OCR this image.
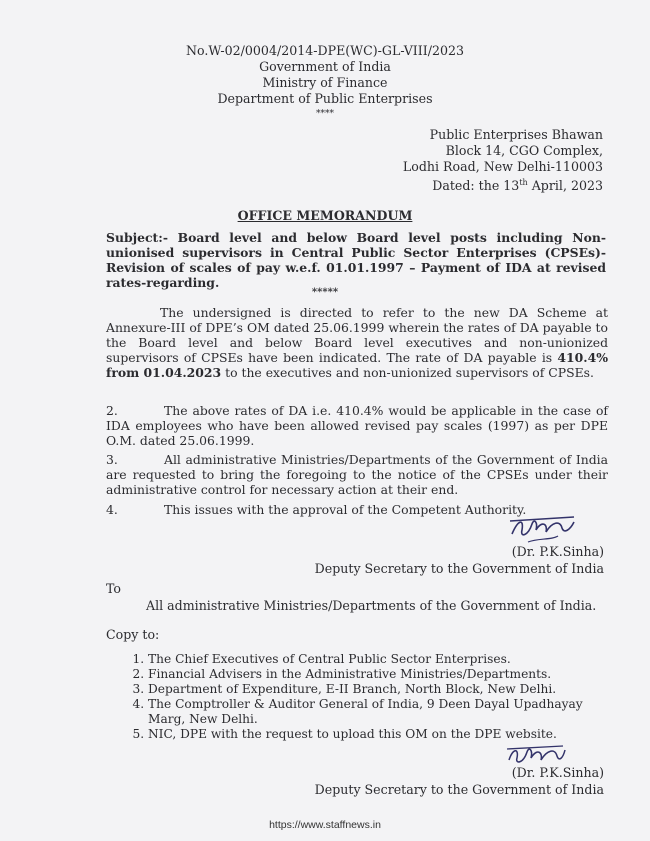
No.W-02/0004/2014-DPE(WC)-GL-VIII/2023
Government of India
Ministry of Finance
Department of Public Enterprises
****
Public Enterprises Bhawan
Block 14, CGO Complex,
Lodhi Road, New Delhi-110003
Dated: the 13th April, 2023
OFFICE MEMORANDUM
Subject:- Board level and below Board level posts including Non-unionised supervisors in Central Public Sector Enterprises (CPSEs)- Revision of scales of pay w.e.f. 01.01.1997 – Payment of IDA at revised rates-regarding.
*****
The undersigned is directed to refer to the new DA Scheme at Annexure-III of DPE’s OM dated 25.06.1999 wherein the rates of DA payable to the Board level and below Board level executives and non-unionized supervisors of CPSEs have been indicated. The rate of DA payable is 410.4% from 01.04.2023 to the executives and non-unionized supervisors of CPSEs.
2.	The above rates of DA i.e. 410.4% would be applicable in the case of IDA employees who have been allowed revised pay scales (1997) as per DPE O.M. dated 25.06.1999.
3.	All administrative Ministries/Departments of the Government of India are requested to bring the foregoing to the notice of the CPSEs under their administrative control for necessary action at their end.
4.	This issues with the approval of the Competent Authority.
(Dr. P.K.Sinha)
Deputy Secretary to the Government of India
To
All administrative Ministries/Departments of the Government of India.
Copy to:
1. The Chief Executives of Central Public Sector Enterprises.
2. Financial Advisers in the Administrative Ministries/Departments.
3. Department of Expenditure, E-II Branch, North Block, New Delhi.
4. The Comptroller & Auditor General of India, 9 Deen Dayal Upadhayay Marg, New Delhi.
5. NIC, DPE with the request to upload this OM on the DPE website.
(Dr. P.K.Sinha)
Deputy Secretary to the Government of India
https://www.staffnews.in
